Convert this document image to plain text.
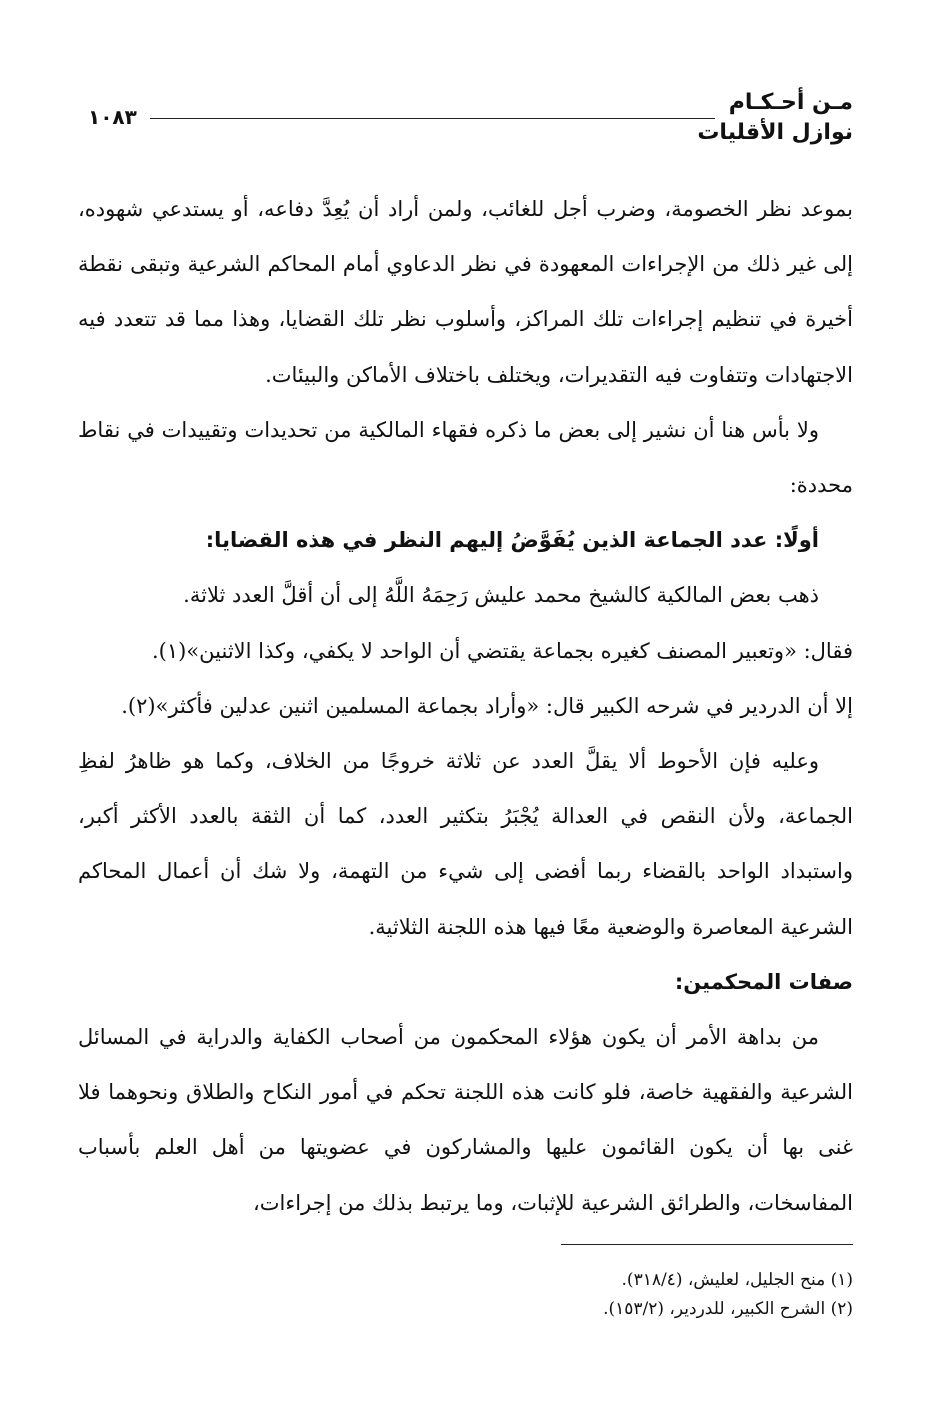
مـن أحـكـام
نوازل الأقليات
١٠٨٣

بموعد نظر الخصومة، وضرب أجل للغائب، ولمن أراد أن يُعِدَّ دفاعه، أو يستدعي شهوده، إلى غير ذلك من الإجراءات المعهودة في نظر الدعاوي أمام المحاكم الشرعية وتبقى نقطة أخيرة في تنظيم إجراءات تلك المراكز، وأسلوب نظر تلك القضايا، وهذا مما قد تتعدد فيه الاجتهادات وتتفاوت فيه التقديرات، ويختلف باختلاف الأماكن والبيئات.

ولا بأس هنا أن نشير إلى بعض ما ذكره فقهاء المالكية من تحديدات وتقييدات في نقاط محددة:

أولًا: عدد الجماعة الذين يُفَوَّضُ إليهم النظر في هذه القضايا:

ذهب بعض المالكية كالشيخ محمد عليش رَحِمَهُ اللَّهُ إلى أن أقلَّ العدد ثلاثة.

فقال: «وتعبير المصنف كغيره بجماعة يقتضي أن الواحد لا يكفي، وكذا الاثنين»(١).

إلا أن الدردير في شرحه الكبير قال: «وأراد بجماعة المسلمين اثنين عدلين فأكثر»(٢).

وعليه فإن الأحوط ألا يقلَّ العدد عن ثلاثة خروجًا من الخلاف، وكما هو ظاهرُ لفظِ الجماعة، ولأن النقص في العدالة يُجْبَرُ بتكثير العدد، كما أن الثقة بالعدد الأكثر أكبر، واستبداد الواحد بالقضاء ربما أفضى إلى شيء من التهمة، ولا شك أن أعمال المحاكم الشرعية المعاصرة والوضعية معًا فيها هذه اللجنة الثلاثية.

صفات المحكمين:

من بداهة الأمر أن يكون هؤلاء المحكمون من أصحاب الكفاية والدراية في المسائل الشرعية والفقهية خاصة، فلو كانت هذه اللجنة تحكم في أمور النكاح والطلاق ونحوهما فلا غنى بها أن يكون القائمون عليها والمشاركون في عضويتها من أهل العلم بأسباب المفاسخات، والطرائق الشرعية للإثبات، وما يرتبط بذلك من إجراءات،

(١) منح الجليل، لعليش، (٣١٨/٤).
(٢) الشرح الكبير، للدردير، (١٥٣/٢).
